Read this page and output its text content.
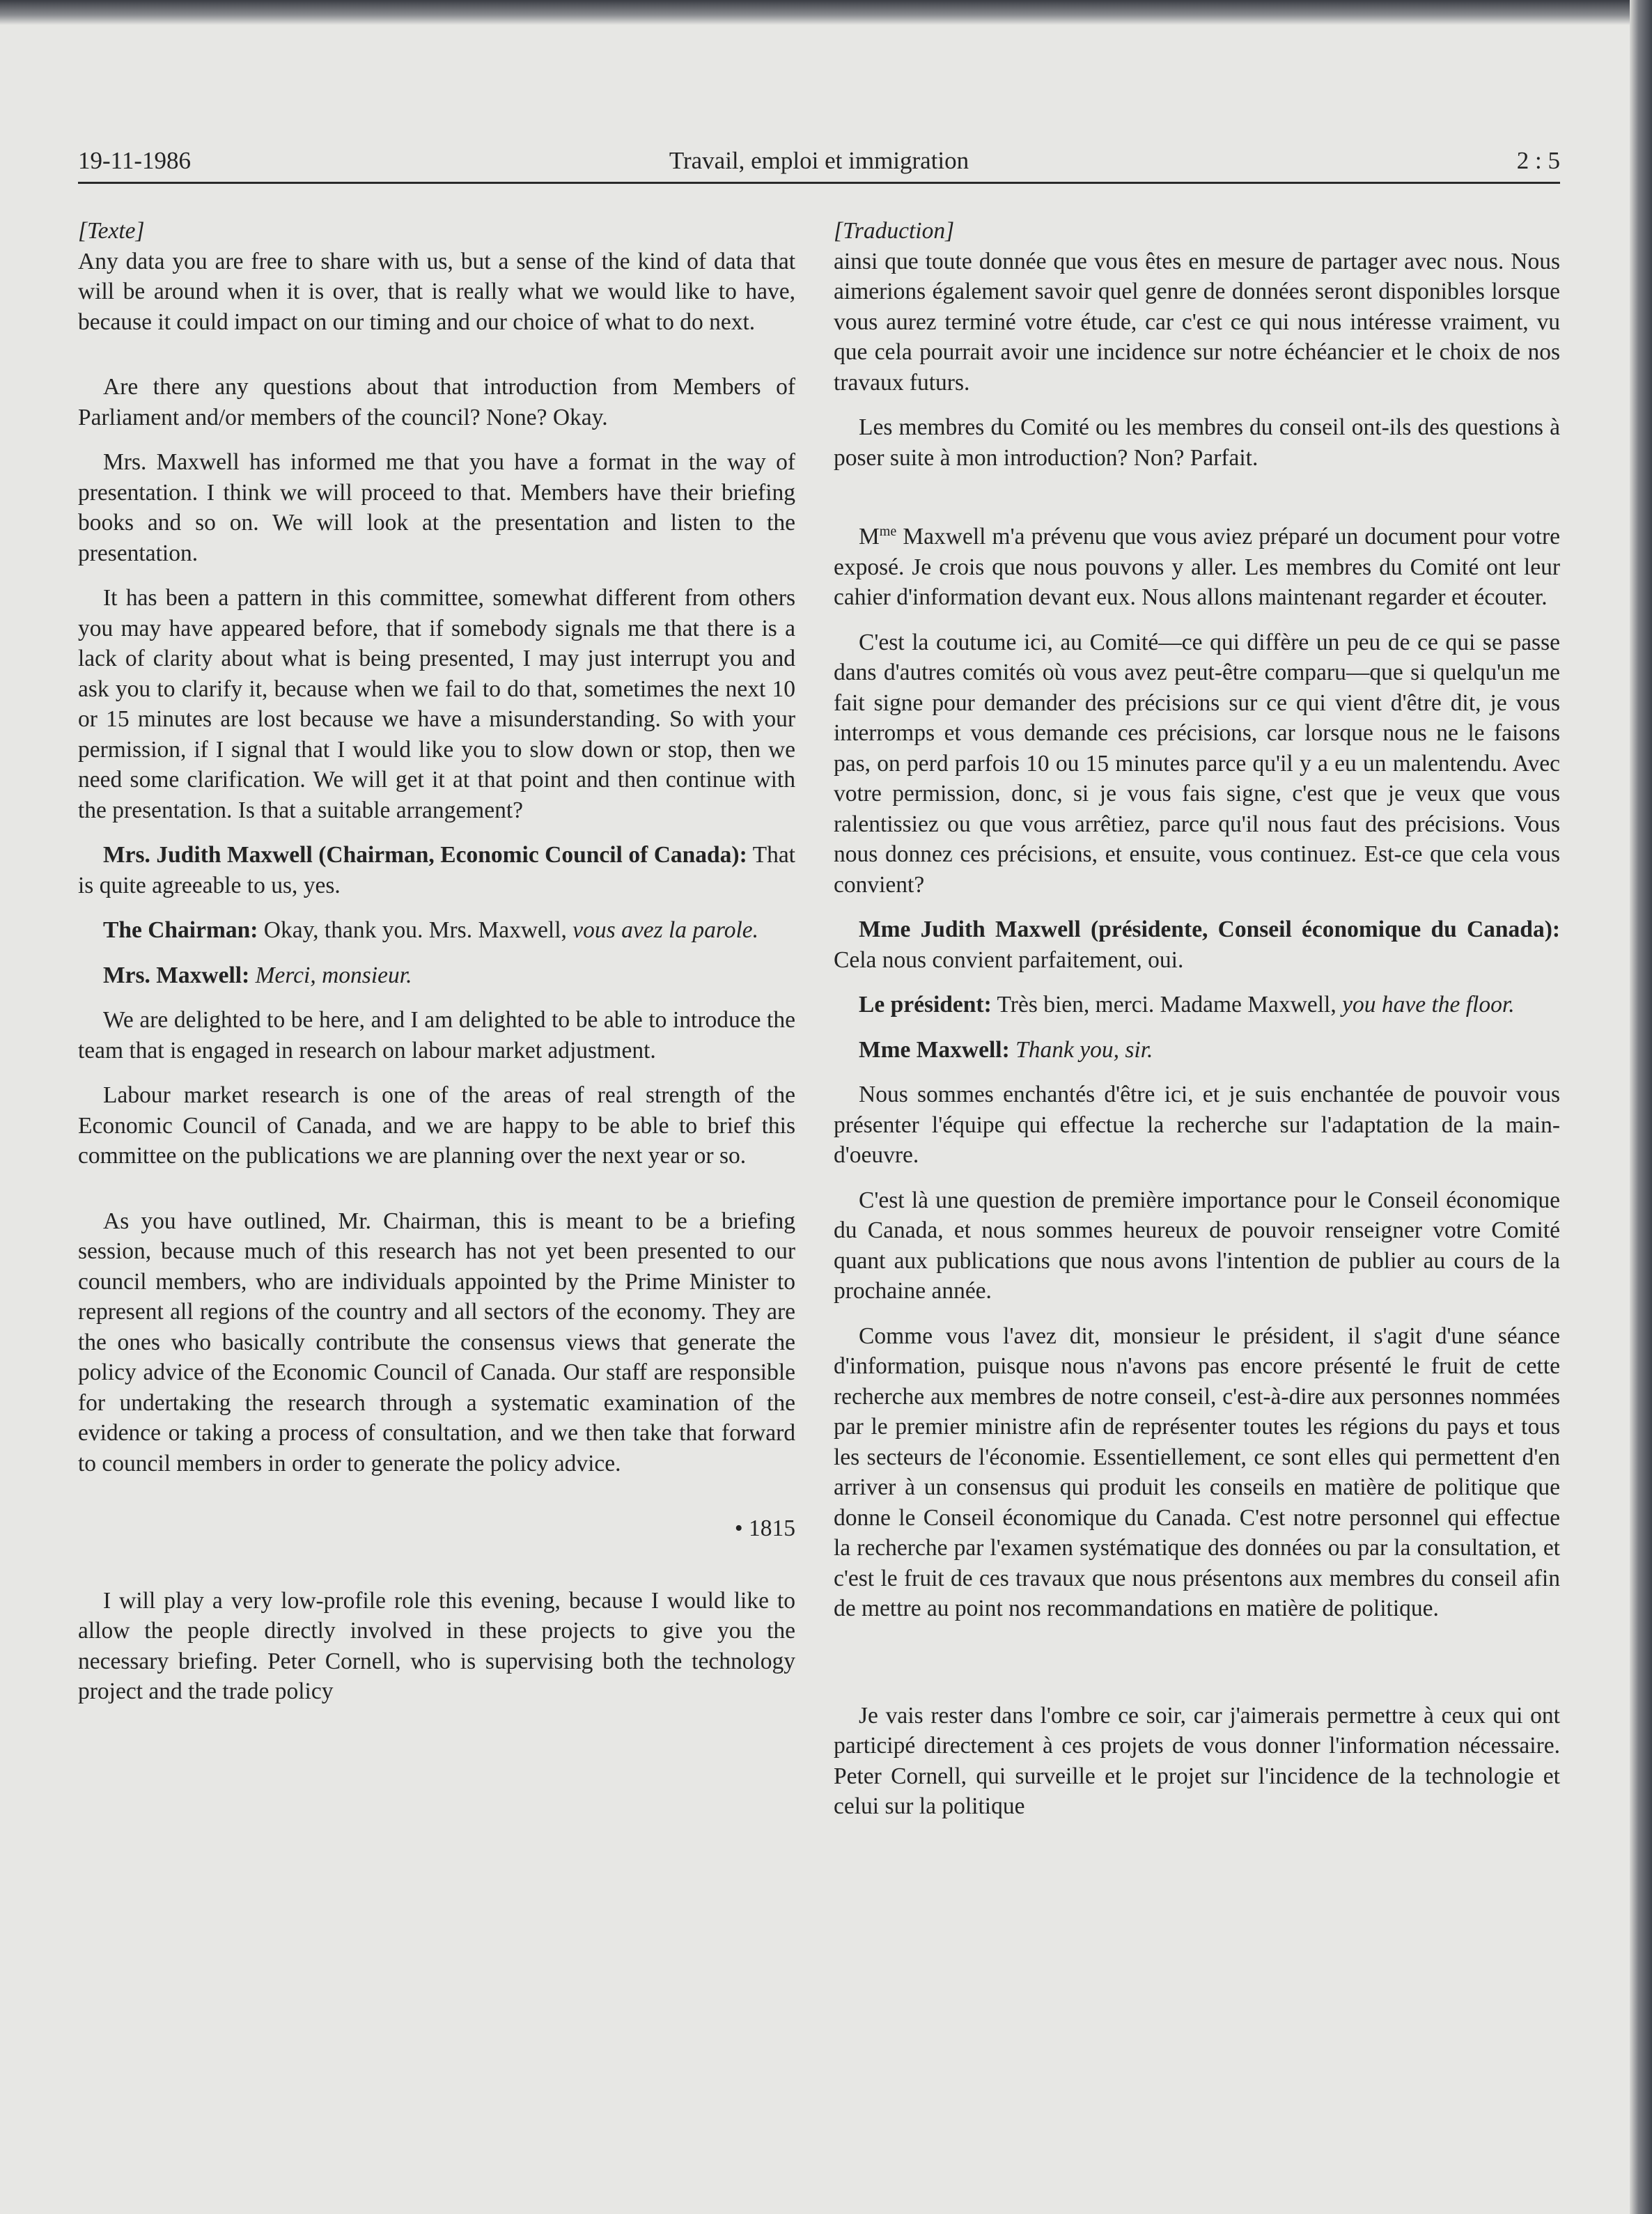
19-11-1986	Travail, emploi et immigration	2 : 5

[Texte]

Any data you are free to share with us, but a sense of the kind of data that will be around when it is over, that is really what we would like to have, because it could impact on our timing and our choice of what to do next.

Are there any questions about that introduction from Members of Parliament and/or members of the council? None? Okay.

Mrs. Maxwell has informed me that you have a format in the way of presentation. I think we will proceed to that. Members have their briefing books and so on. We will look at the presentation and listen to the presentation.

It has been a pattern in this committee, somewhat different from others you may have appeared before, that if somebody signals me that there is a lack of clarity about what is being presented, I may just interrupt you and ask you to clarify it, because when we fail to do that, sometimes the next 10 or 15 minutes are lost because we have a misunderstanding. So with your permission, if I signal that I would like you to slow down or stop, then we need some clarification. We will get it at that point and then continue with the presentation. Is that a suitable arrangement?

Mrs. Judith Maxwell (Chairman, Economic Council of Canada): That is quite agreeable to us, yes.

The Chairman: Okay, thank you. Mrs. Maxwell, vous avez la parole.

Mrs. Maxwell: Merci, monsieur.

We are delighted to be here, and I am delighted to be able to introduce the team that is engaged in research on labour market adjustment.

Labour market research is one of the areas of real strength of the Economic Council of Canada, and we are happy to be able to brief this committee on the publications we are planning over the next year or so.

As you have outlined, Mr. Chairman, this is meant to be a briefing session, because much of this research has not yet been presented to our council members, who are individuals appointed by the Prime Minister to represent all regions of the country and all sectors of the economy. They are the ones who basically contribute the consensus views that generate the policy advice of the Economic Council of Canada. Our staff are responsible for undertaking the research through a systematic examination of the evidence or taking a process of consultation, and we then take that forward to council members in order to generate the policy advice.

• 1815

I will play a very low-profile role this evening, because I would like to allow the people directly involved in these projects to give you the necessary briefing. Peter Cornell, who is supervising both the technology project and the trade policy

[Traduction]

ainsi que toute donnée que vous êtes en mesure de partager avec nous. Nous aimerions également savoir quel genre de données seront disponibles lorsque vous aurez terminé votre étude, car c'est ce qui nous intéresse vraiment, vu que cela pourrait avoir une incidence sur notre échéancier et le choix de nos travaux futurs.

Les membres du Comité ou les membres du conseil ont-ils des questions à poser suite à mon introduction? Non? Parfait.

$M^{me}$ Maxwell m'a prévenu que vous aviez préparé un document pour votre exposé. Je crois que nous pouvons y aller. Les membres du Comité ont leur cahier d'information devant eux. Nous allons maintenant regarder et écouter.

C'est la coutume ici, au Comité—ce qui diffère un peu de ce qui se passe dans d'autres comités où vous avez peut-être comparu—que si quelqu'un me fait signe pour demander des précisions sur ce qui vient d'être dit, je vous interromps et vous demande ces précisions, car lorsque nous ne le faisons pas, on perd parfois 10 ou 15 minutes parce qu'il y a eu un malentendu. Avec votre permission, donc, si je vous fais signe, c'est que je veux que vous ralentissiez ou que vous arrêtiez, parce qu'il nous faut des précisions. Vous nous donnez ces précisions, et ensuite, vous continuez. Est-ce que cela vous convient?

Mme Judith Maxwell (présidente, Conseil économique du Canada): Cela nous convient parfaitement, oui.

Le président: Très bien, merci. Madame Maxwell, you have the floor.

Mme Maxwell: Thank you, sir.

Nous sommes enchantés d'être ici, et je suis enchantée de pouvoir vous présenter l'équipe qui effectue la recherche sur l'adaptation de la main-d'oeuvre.

C'est là une question de première importance pour le Conseil économique du Canada, et nous sommes heureux de pouvoir renseigner votre Comité quant aux publications que nous avons l'intention de publier au cours de la prochaine année.

Comme vous l'avez dit, monsieur le président, il s'agit d'une séance d'information, puisque nous n'avons pas encore présenté le fruit de cette recherche aux membres de notre conseil, c'est-à-dire aux personnes nommées par le premier ministre afin de représenter toutes les régions du pays et tous les secteurs de l'économie. Essentiellement, ce sont elles qui permettent d'en arriver à un consensus qui produit les conseils en matière de politique que donne le Conseil économique du Canada. C'est notre personnel qui effectue la recherche par l'examen systématique des données ou par la consultation, et c'est le fruit de ces travaux que nous présentons aux membres du conseil afin de mettre au point nos recommandations en matière de politique.

Je vais rester dans l'ombre ce soir, car j'aimerais permettre à ceux qui ont participé directement à ces projets de vous donner l'information nécessaire. Peter Cornell, qui surveille et le projet sur l'incidence de la technologie et celui sur la politique
